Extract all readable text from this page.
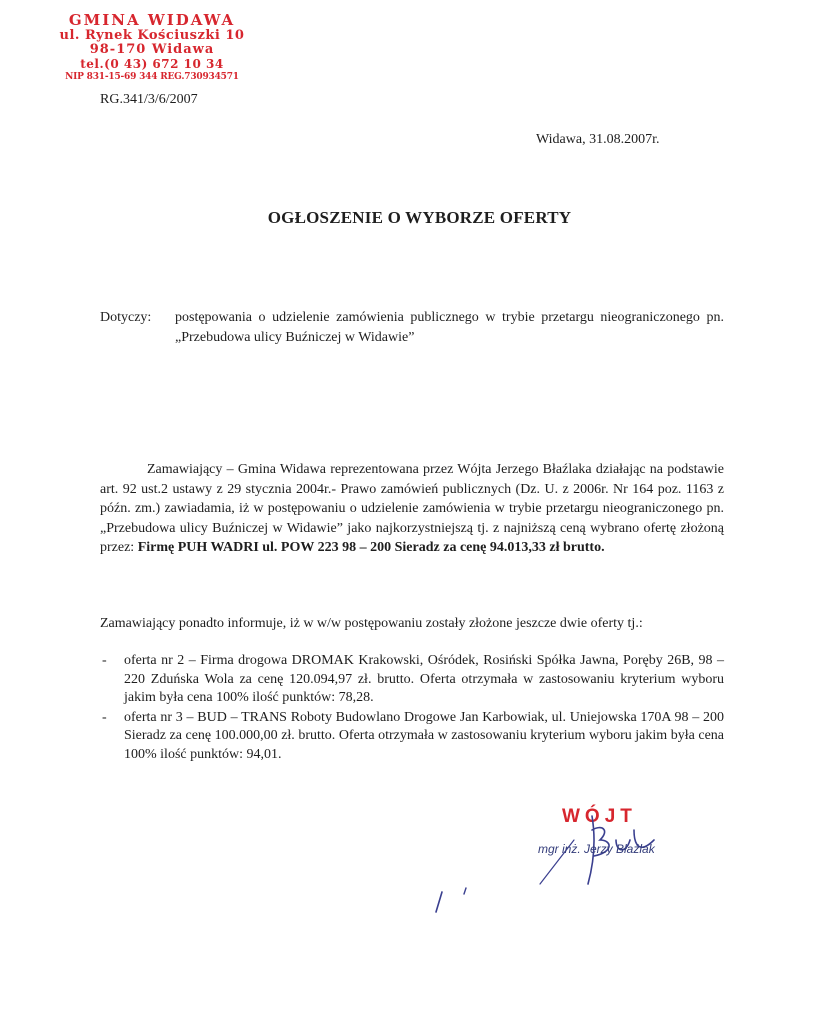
GMINA WIDAWA
ul. Rynek Kościuszki 10
98-170 Widawa
tel.(0 43) 672 10 34
NIP 831-15-69 344 REG.730934571
RG.341/3/6/2007
Widawa, 31.08.2007r.
OGŁOSZENIE O WYBORZE OFERTY
Dotyczy: postępowania o udzielenie zamówienia publicznego w trybie przetargu nieograniczonego pn. „Przebudowa ulicy Buźniczej w Widawie”
Zamawiający – Gmina Widawa reprezentowana przez Wójta Jerzego Błaźlaka działając na podstawie art. 92 ust.2 ustawy z 29 stycznia 2004r.- Prawo zamówień publicznych (Dz. U. z 2006r. Nr 164 poz. 1163 z późn. zm.) zawiadamia, iż w postępowaniu o udzielenie zamówienia w trybie przetargu nieograniczonego pn. „Przebudowa ulicy Buźniczej w Widawie” jako najkorzystniejszą tj. z najniższą ceną wybrano ofertę złożoną przez: Firmę PUH WADRI ul. POW 223 98 – 200 Sieradz za cenę 94.013,33 zł brutto.
Zamawiający ponadto informuje, iż w w/w postępowaniu zostały złożone jeszcze dwie oferty tj.:
- oferta nr 2 – Firma drogowa DROMAK Krakowski, Ośródek, Rosiński Spółka Jawna, Poręby 26B, 98 – 220 Zduńska Wola za cenę 120.094,97 zł. brutto. Oferta otrzymała w zastosowaniu kryterium wyboru jakim była cena 100% ilość punktów: 78,28.
- oferta nr 3 – BUD – TRANS Roboty Budowlano Drogowe Jan Karbowiak, ul. Uniejowska 170A 98 – 200 Sieradz za cenę 100.000,00 zł. brutto. Oferta otrzymała w zastosowaniu kryterium wyboru jakim była cena 100% ilość punktów: 94,01.
WÓJT
mgr inż. Jerzy Błaźlak
